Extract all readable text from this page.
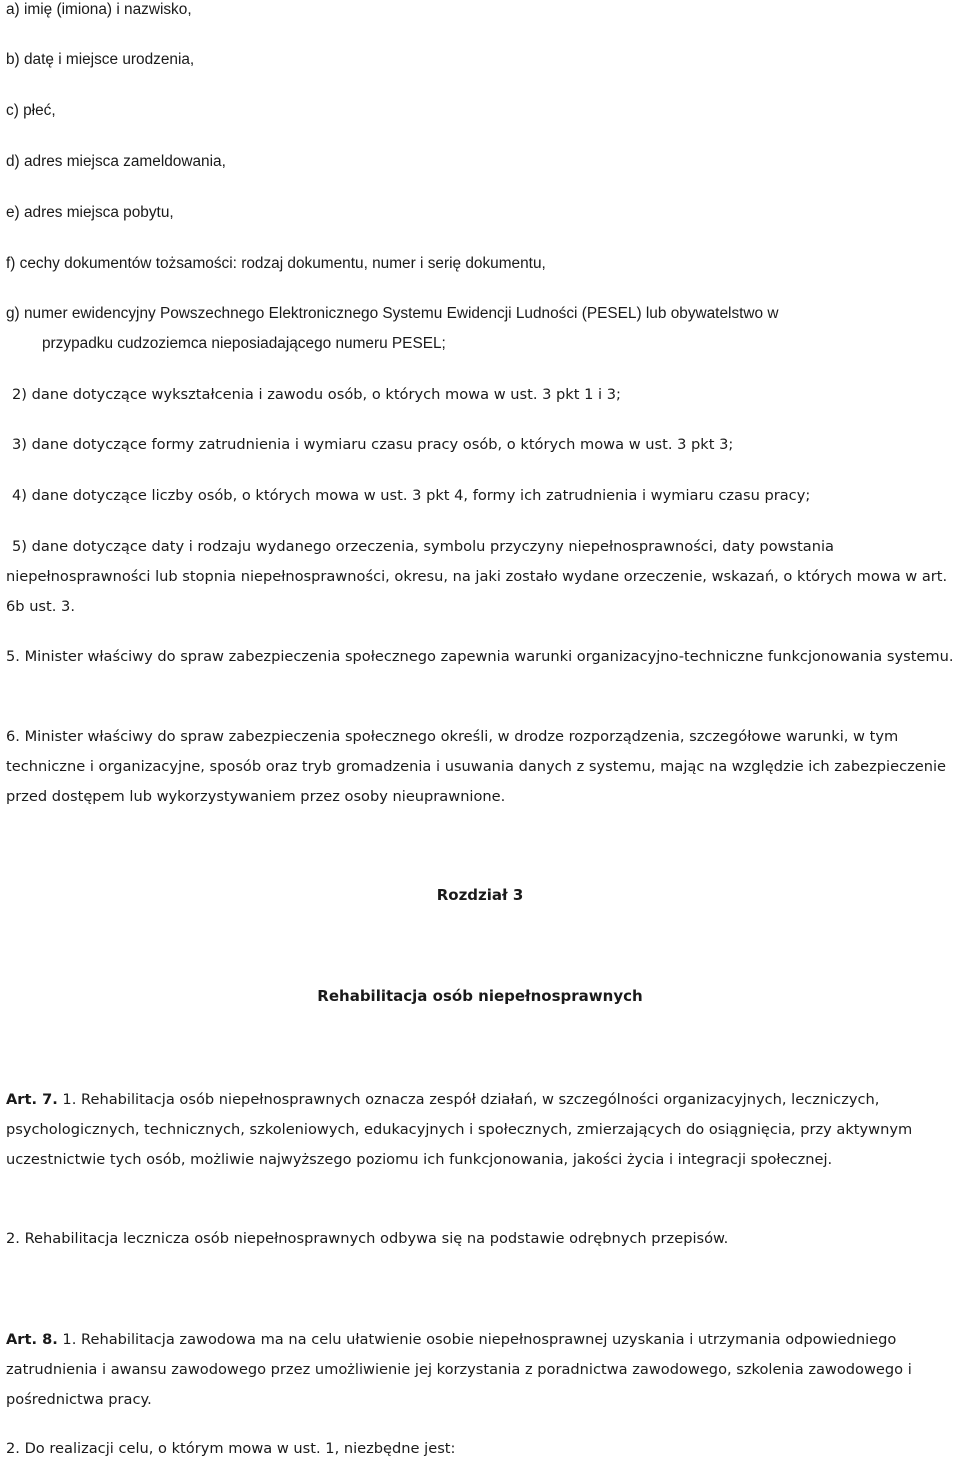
a) imię (imiona) i nazwisko,
b) datę i miejsce urodzenia,
c) płeć,
d) adres miejsca zameldowania,
e) adres miejsca pobytu,
f) cechy dokumentów tożsamości: rodzaj dokumentu, numer i serię dokumentu,
g) numer ewidencyjny Powszechnego Elektronicznego Systemu Ewidencji Ludności (PESEL) lub obywatelstwo w
przypadku cudzoziemca nieposiadającego numeru PESEL;
2) dane dotyczące wykształcenia i zawodu osób, o których mowa w ust. 3 pkt 1 i 3;
3) dane dotyczące formy zatrudnienia i wymiaru czasu pracy osób, o których mowa w ust. 3 pkt 3;
4) dane dotyczące liczby osób, o których mowa w ust. 3 pkt 4, formy ich zatrudnienia i wymiaru czasu pracy;
5) dane dotyczące daty i rodzaju wydanego orzeczenia, symbolu przyczyny niepełnosprawności, daty powstania niepełnosprawności lub stopnia niepełnosprawności, okresu, na jaki zostało wydane orzeczenie, wskazań, o których mowa w art. 6b ust. 3.
5. Minister właściwy do spraw zabezpieczenia społecznego zapewnia warunki organizacyjno-techniczne funkcjonowania systemu.
6. Minister właściwy do spraw zabezpieczenia społecznego określi, w drodze rozporządzenia, szczegółowe warunki, w tym techniczne i organizacyjne, sposób oraz tryb gromadzenia i usuwania danych z systemu, mając na względzie ich zabezpieczenie przed dostępem lub wykorzystywaniem przez osoby nieuprawnione.
Rozdział 3
Rehabilitacja osób niepełnosprawnych
Art. 7. 1. Rehabilitacja osób niepełnosprawnych oznacza zespół działań, w szczególności organizacyjnych, leczniczych, psychologicznych, technicznych, szkoleniowych, edukacyjnych i społecznych, zmierzających do osiągnięcia, przy aktywnym uczestnictwie tych osób, możliwie najwyższego poziomu ich funkcjonowania, jakości życia i integracji społecznej.
2. Rehabilitacja lecznicza osób niepełnosprawnych odbywa się na podstawie odrębnych przepisów.
Art. 8. 1. Rehabilitacja zawodowa ma na celu ułatwienie osobie niepełnosprawnej uzyskania i utrzymania odpowiedniego zatrudnienia i awansu zawodowego przez umożliwienie jej korzystania z poradnictwa zawodowego, szkolenia zawodowego i pośrednictwa pracy.
2. Do realizacji celu, o którym mowa w ust. 1, niezbędne jest:
